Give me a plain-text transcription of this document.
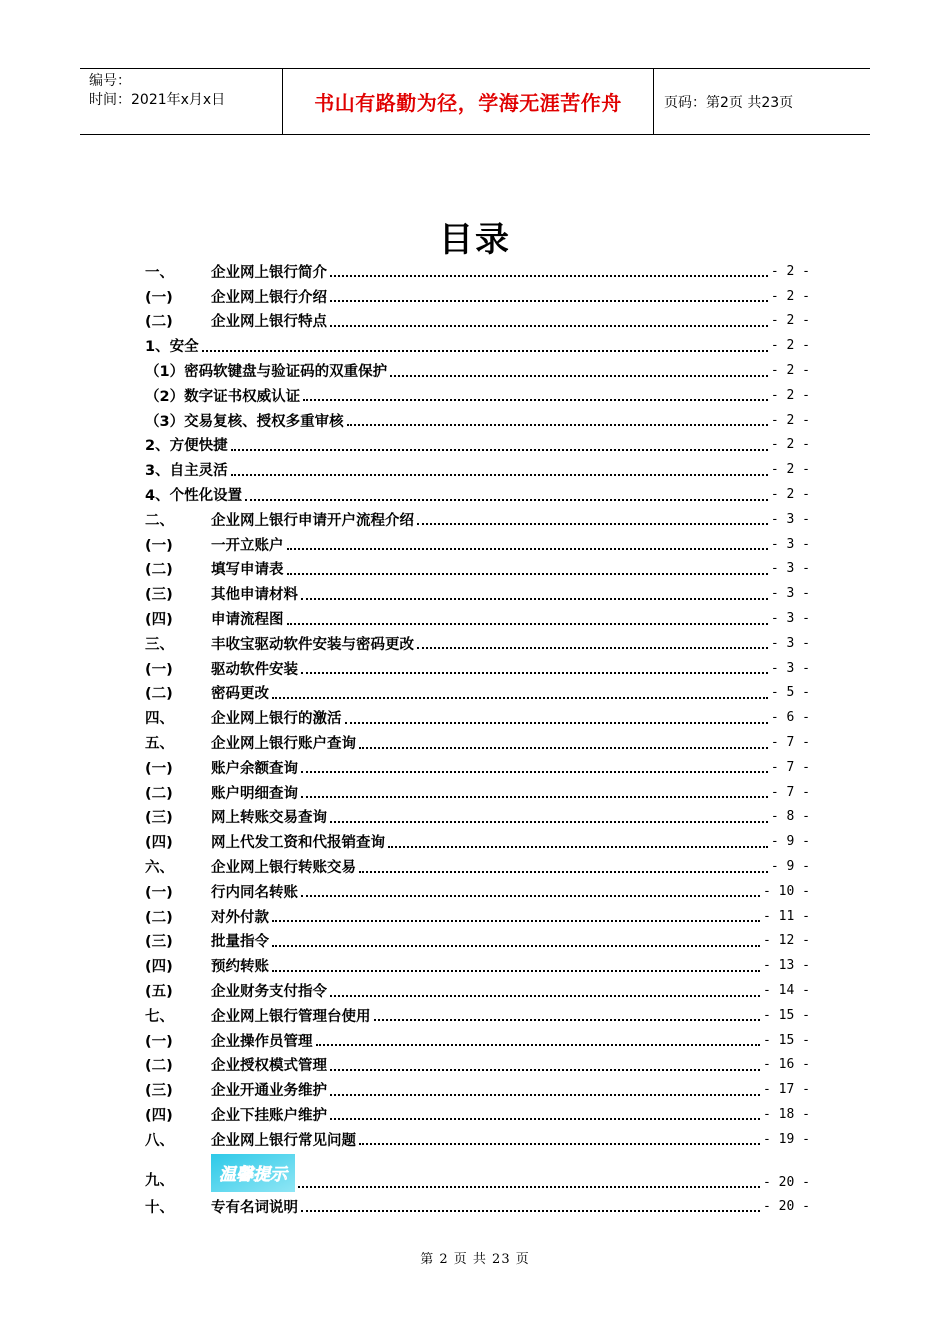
编号：
时间：2021年x月x日	书山有路勤为径，学海无涯苦作舟	页码：第2页 共23页
目录
一、	企业网上银行简介	- 2 -
(一)	企业网上银行介绍	- 2 -
(二)	企业网上银行特点	- 2 -
1、安全	- 2 -
（1）密码软键盘与验证码的双重保护	- 2 -
（2）数字证书权威认证	- 2 -
（3）交易复核、授权多重审核	- 2 -
2、方便快捷	- 2 -
3、自主灵活	- 2 -
4、个性化设置	- 2 -
二、	企业网上银行申请开户流程介绍	- 3 -
(一)	一开立账户	- 3 -
(二)	填写申请表	- 3 -
(三)	其他申请材料	- 3 -
(四)	申请流程图	- 3 -
三、	丰收宝驱动软件安装与密码更改	- 3 -
(一)	驱动软件安装	- 3 -
(二)	密码更改	- 5 -
四、	企业网上银行的激活	- 6 -
五、	企业网上银行账户查询	- 7 -
(一)	账户余额查询	- 7 -
(二)	账户明细查询	- 7 -
(三)	网上转账交易查询	- 8 -
(四)	网上代发工资和代报销查询	- 9 -
六、	企业网上银行转账交易	- 9 -
(一)	行内同名转账	- 10 -
(二)	对外付款	- 11 -
(三)	批量指令	- 12 -
(四)	预约转账	- 13 -
(五)	企业财务支付指令	- 14 -
七、	企业网上银行管理台使用	- 15 -
(一)	企业操作员管理	- 15 -
(二)	企业授权模式管理	- 16 -
(三)	企业开通业务维护	- 17 -
(四)	企业下挂账户维护	- 18 -
八、	企业网上银行常见问题	- 19 -
九、	温馨提示	- 20 -
十、	专有名词说明	- 20 -
第 2 页 共 23 页
